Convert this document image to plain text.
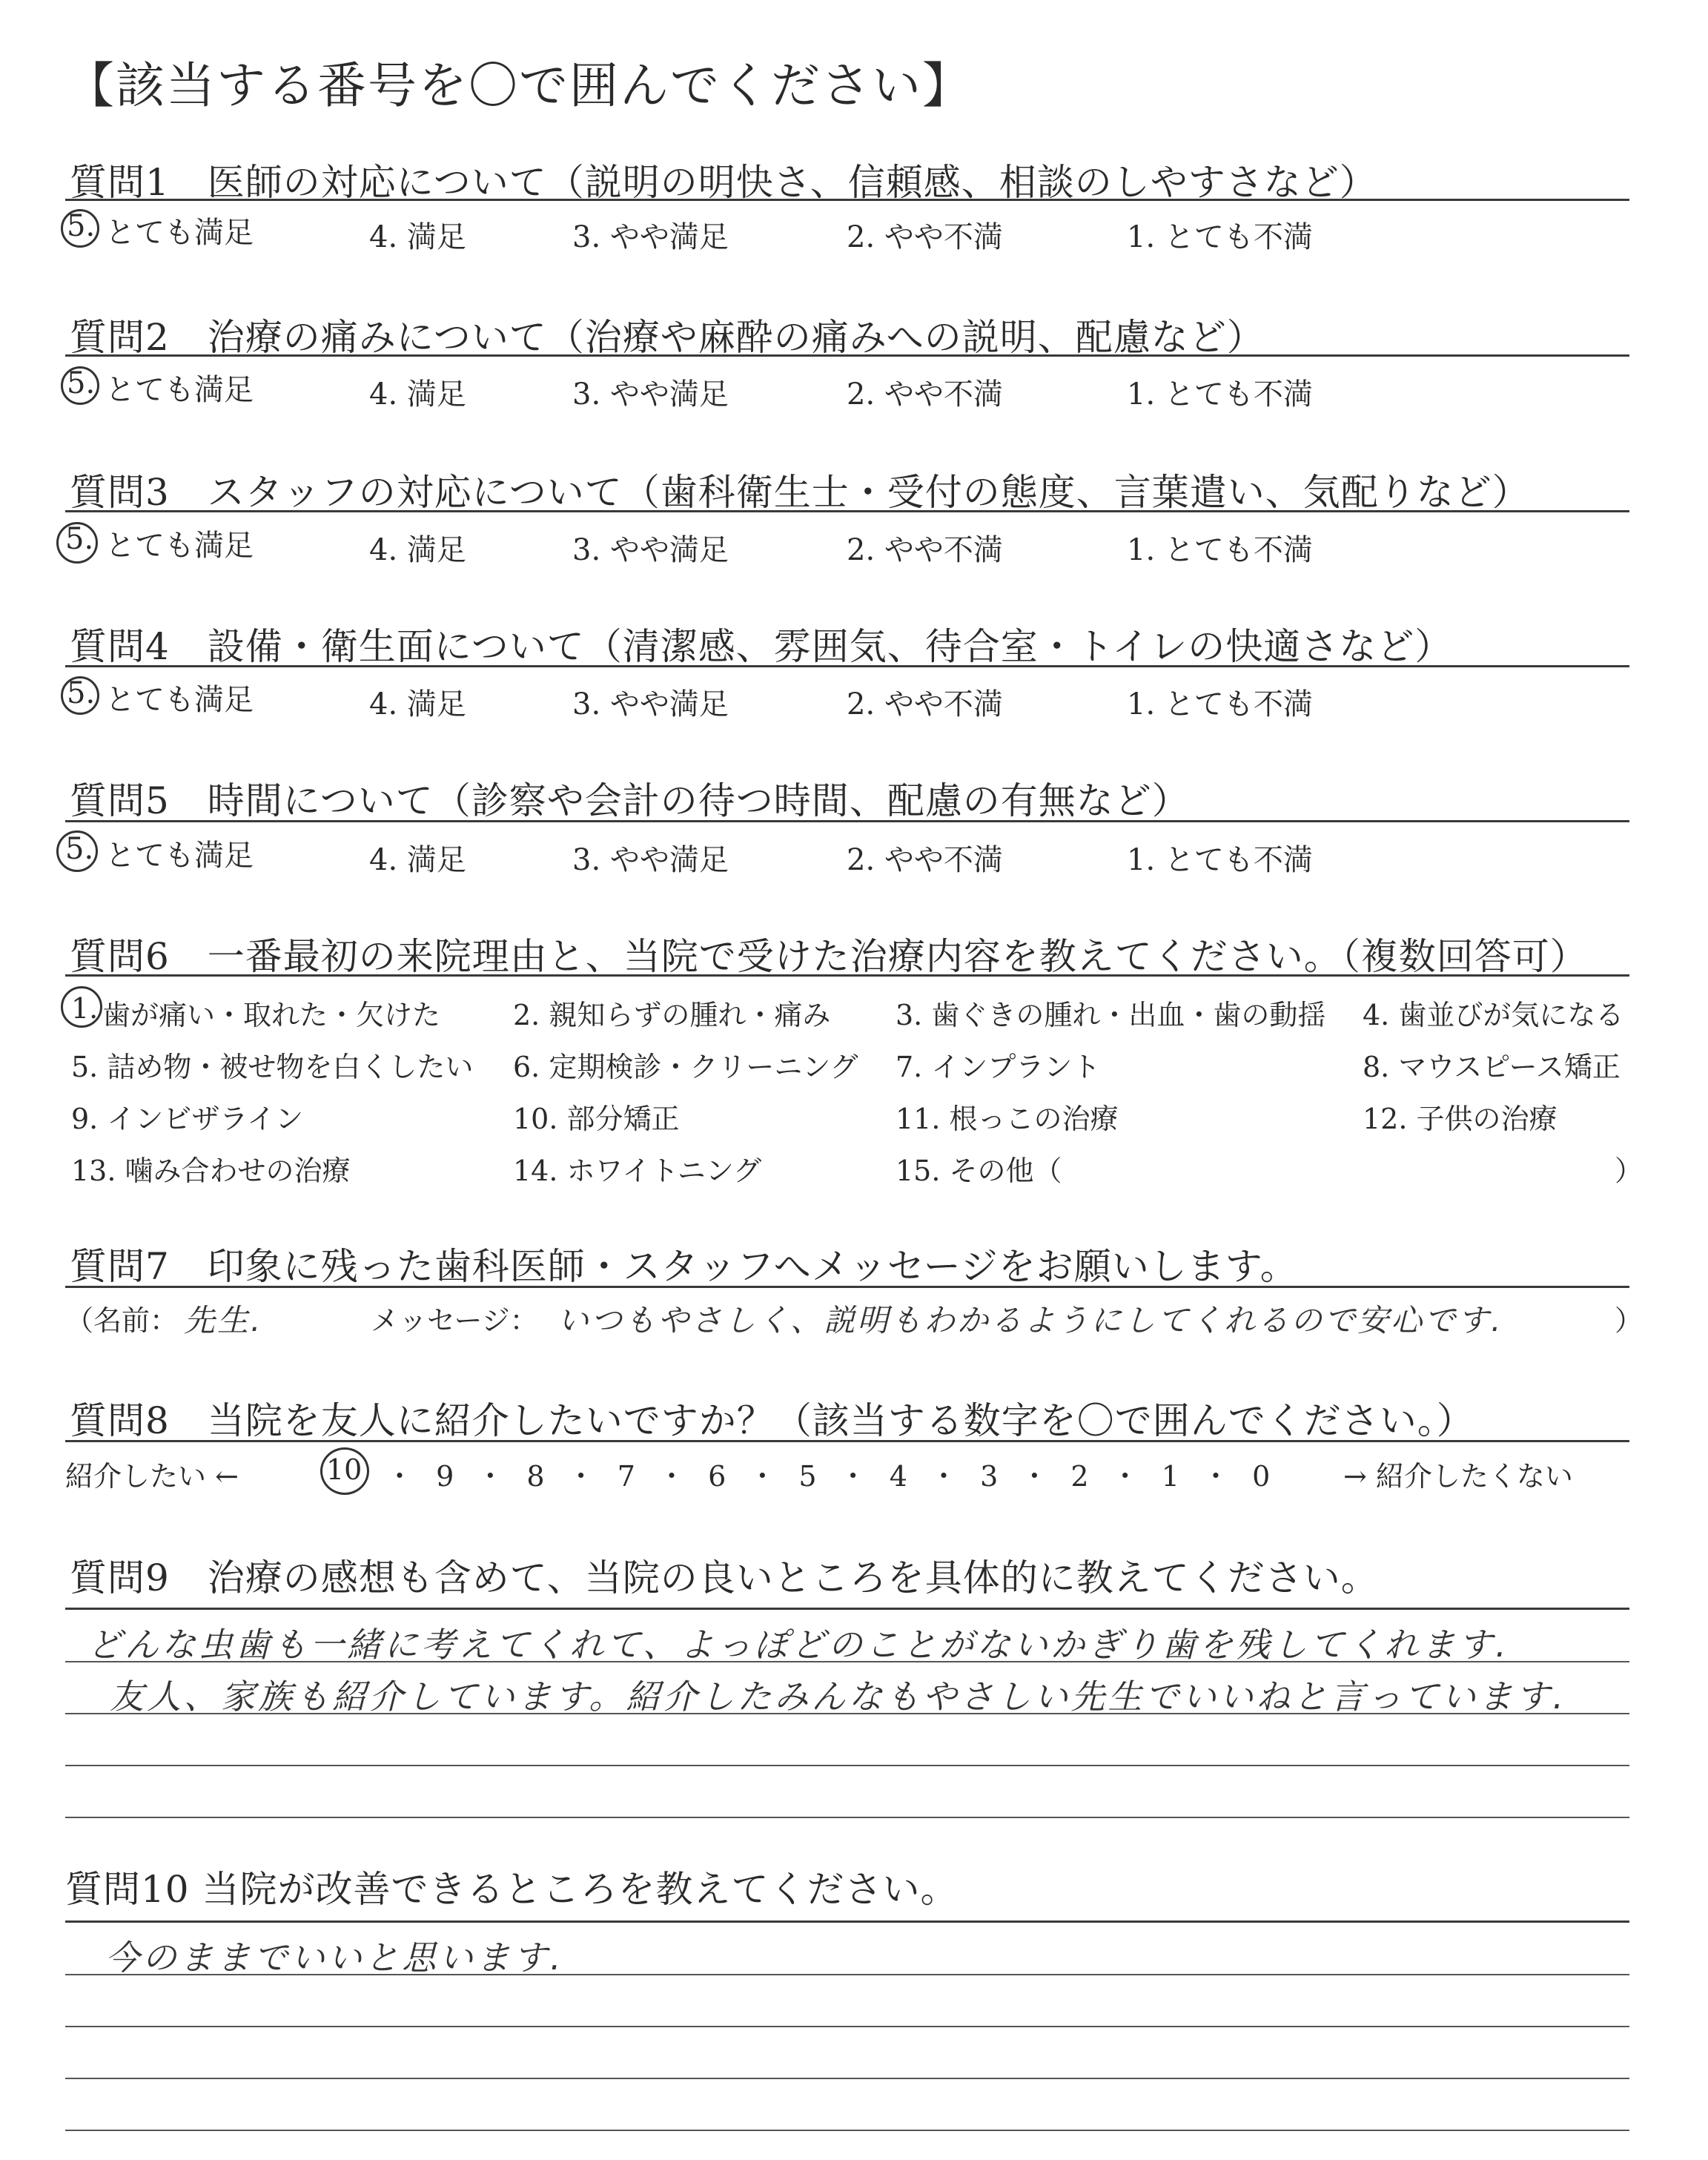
【該当する番号を〇で囲んでください】
質問1　医師の対応について（説明の明快さ、信頼感、相談のしやすさなど）
5. とても満足	4. 満足	3. やや満足	2. やや不満	1. とても不満
質問2　治療の痛みについて（治療や麻酔の痛みへの説明、配慮など）
5. とても満足	4. 満足	3. やや満足	2. やや不満	1. とても不満
質問3　スタッフの対応について（歯科衛生士・受付の態度、言葉遣い、気配りなど）
5. とても満足	4. 満足	3. やや満足	2. やや不満	1. とても不満
質問4　設備・衛生面について（清潔感、雰囲気、待合室・トイレの快適さなど）
5. とても満足	4. 満足	3. やや満足	2. やや不満	1. とても不満
質問5　時間について（診察や会計の待つ時間、配慮の有無など）
5. とても満足	4. 満足	3. やや満足	2. やや不満	1. とても不満
質問6　一番最初の来院理由と、当院で受けた治療内容を教えてください。（複数回答可）
1. 歯が痛い・取れた・欠けた	2. 親知らずの腫れ・痛み 3. 歯ぐきの腫れ・出血・歯の動揺 4. 歯並びが気になる
5. 詰め物・被せ物を白くしたい 6. 定期検診・クリーニング 7. インプラント	8. マウスピース矯正
9. インビザライン	10. 部分矯正	11. 根っこの治療	12. 子供の治療
13. 噛み合わせの治療	14. ホワイトニング	15. その他（	）
質問7　印象に残った歯科医師・スタッフへメッセージをお願いします。
（名前： 先生.	メッセージ： いつもやさしく、説明もわかるようにしてくれるので安心です.	）
質問8　当院を友人に紹介したいですか？（該当する数字を〇で囲んでください。）
紹介したい ←	10 ・ 9 ・ 8 ・ 7 ・ 6 ・ 5 ・ 4 ・ 3 ・ 2 ・ 1 ・ 0	→ 紹介したくない
質問9　治療の感想も含めて、当院の良いところを具体的に教えてください。
どんな虫歯も一緒に考えてくれて、よっぽどのことがないかぎり歯を残してくれます.
友人、家族も紹介しています。紹介したみんなもやさしい先生でいいねと言っています.
質問10 当院が改善できるところを教えてください。
今のままでいいと思います.
